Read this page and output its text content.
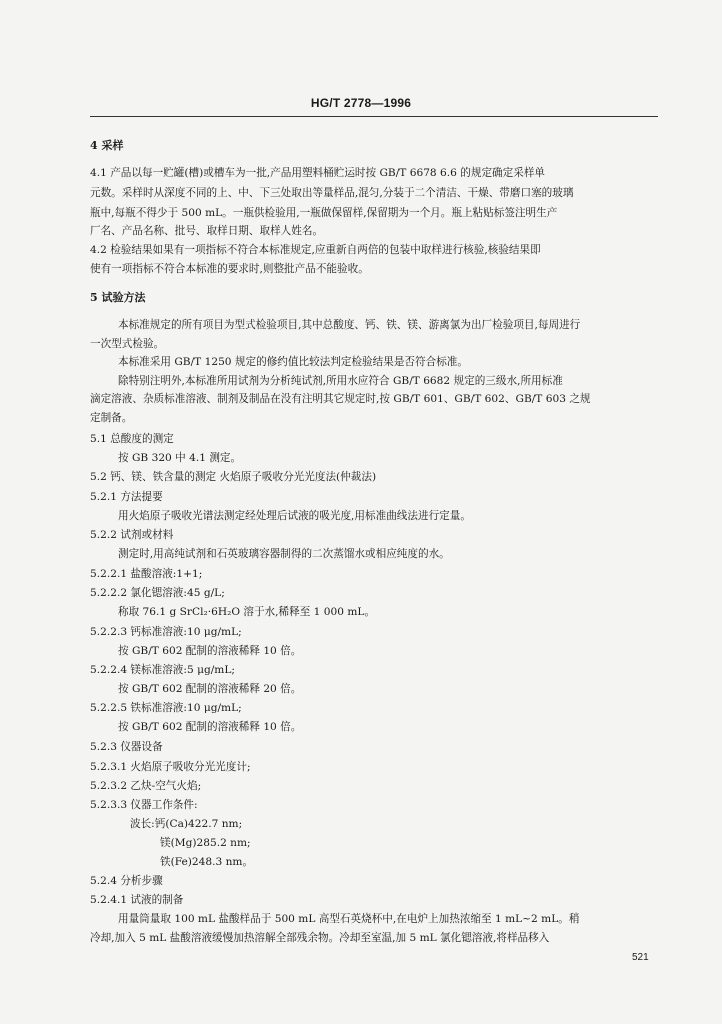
HG/T 2778—1996
4 采样
4.1 产品以每一贮罐(槽)或槽车为一批,产品用塑料桶贮运时按 GB/T 6678 6.6 的规定确定采样单
元数。采样时从深度不同的上、中、下三处取出等量样品,混匀,分装于二个清洁、干燥、带磨口塞的玻璃
瓶中,每瓶不得少于 500 mL。一瓶供检验用,一瓶做保留样,保留期为一个月。瓶上粘贴标签注明生产
厂名、产品名称、批号、取样日期、取样人姓名。
4.2 检验结果如果有一项指标不符合本标准规定,应重新自两倍的包装中取样进行核验,核验结果即
使有一项指标不符合本标准的要求时,则整批产品不能验收。
5 试验方法
本标准规定的所有项目为型式检验项目,其中总酸度、钙、铁、镁、游离氯为出厂检验项目,每周进行
一次型式检验。
本标准采用 GB/T 1250 规定的修约值比较法判定检验结果是否符合标准。
除特别注明外,本标准所用试剂为分析纯试剂,所用水应符合 GB/T 6682 规定的三级水,所用标准
滴定溶液、杂质标准溶液、制剂及制品在没有注明其它规定时,按 GB/T 601、GB/T 602、GB/T 603 之规
定制备。
5.1 总酸度的测定
按 GB 320 中 4.1 测定。
5.2 钙、镁、铁含量的测定 火焰原子吸收分光光度法(仲裁法)
5.2.1 方法提要
用火焰原子吸收光谱法测定经处理后试液的吸光度,用标准曲线法进行定量。
5.2.2 试剂或材料
测定时,用高纯试剂和石英玻璃容器制得的二次蒸馏水或相应纯度的水。
5.2.2.1 盐酸溶液:1+1;
5.2.2.2 氯化锶溶液:45 g/L;
称取 76.1 g SrCl₂·6H₂O 溶于水,稀释至 1 000 mL。
5.2.2.3 钙标准溶液:10 μg/mL;
按 GB/T 602 配制的溶液稀释 10 倍。
5.2.2.4 镁标准溶液:5 μg/mL;
按 GB/T 602 配制的溶液稀释 20 倍。
5.2.2.5 铁标准溶液:10 μg/mL;
按 GB/T 602 配制的溶液稀释 10 倍。
5.2.3 仪器设备
5.2.3.1 火焰原子吸收分光光度计;
5.2.3.2 乙炔-空气火焰;
5.2.3.3 仪器工作条件:
波长:钙(Ca)422.7 nm;
镁(Mg)285.2 nm;
铁(Fe)248.3 nm。
5.2.4 分析步骤
5.2.4.1 试液的制备
用量筒量取 100 mL 盐酸样品于 500 mL 高型石英烧杯中,在电炉上加热浓缩至 1 mL~2 mL。稍
冷却,加入 5 mL 盐酸溶液缓慢加热溶解全部残余物。冷却至室温,加 5 mL 氯化锶溶液,将样品移入
521
